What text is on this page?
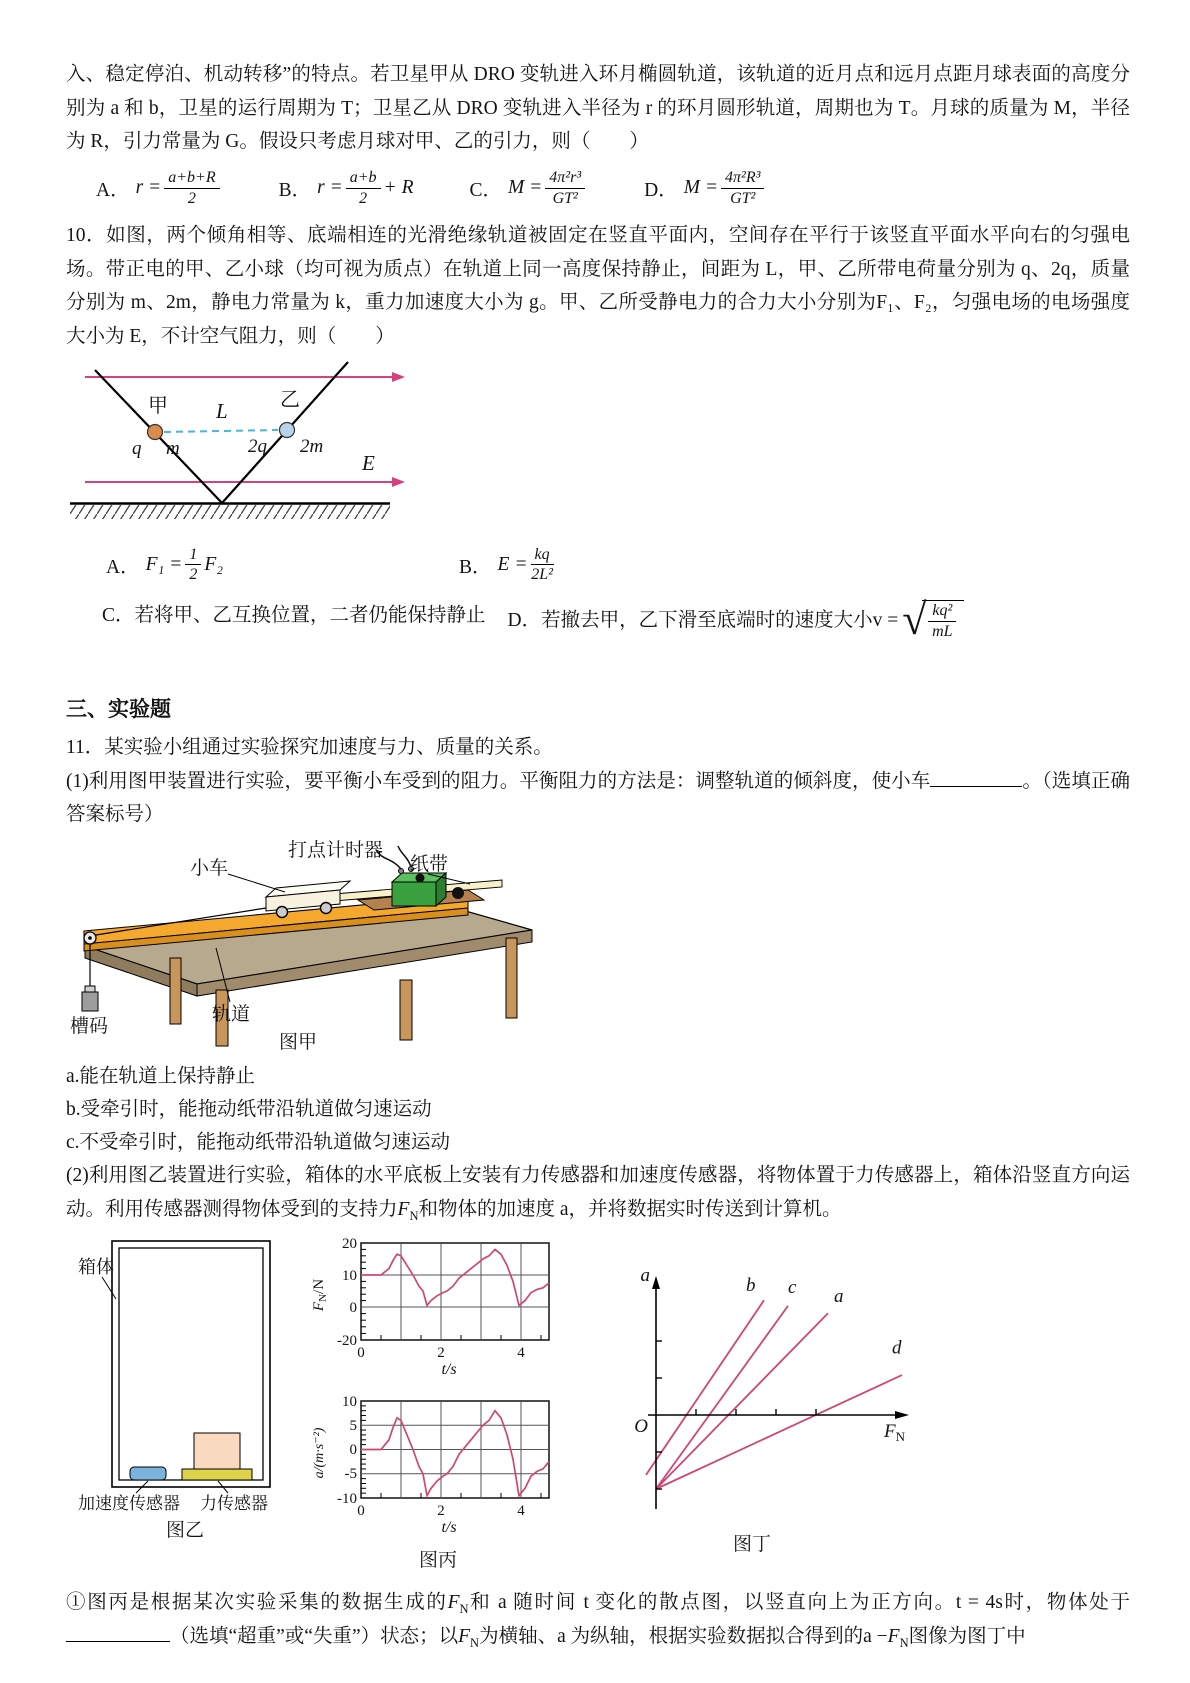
入、稳定停泊、机动转移”的特点。若卫星甲从 DRO 变轨进入环月椭圆轨道，该轨道的近月点和远月点距月球表面的高度分别为 a 和 b，卫星的运行周期为 T；卫星乙从 DRO 变轨进入半径为 r 的环月圆形轨道，周期也为 T。月球的质量为 M，半径为 R，引力常量为 G。假设只考虑月球对甲、乙的引力，则（　　）

A． $r = \frac{a+b+R}{2}$	B． $r = \frac{a+b}{2} + R$	C． $M = \frac{\text{4π²r³}}{\text{GT²}}$	D． $M = \frac{\text{4π²R³}}{\text{GT²}}$

10．如图，两个倾角相等、底端相连的光滑绝缘轨道被固定在竖直平面内，空间存在平行于该竖直平面水平向右的匀强电场。带正电的甲、乙小球（均可视为质点）在轨道上同一高度保持静止，间距为 L，甲、乙所带电荷量分别为 q、2q，质量分别为 m、2m，静电力常量为 k，重力加速度大小为 g。甲、乙所受静电力的合力大小分别为F₁、F₂，匀强电场的电场强度大小为 E，不计空气阻力，则（　　）

甲	乙
L
q m	2q 2m
E
A． $F_1 = \frac{1}{2} F_2$	B． $E = \frac{kq}{\text{2L²}}$
C．若将甲、乙互换位置，二者仍能保持静止 D．若撤去甲，乙下滑至底端时的速度大小v = √ $\frac{\text{kq²}}{mL}$

三、实验题

11．某实验小组通过实验探究加速度与力、质量的关系。

(1)利用图甲装置进行实验，要平衡小车受到的阻力。平衡阻力的方法是：调整轨道的倾斜度，使小车	。（选填正确答案标号）

打点计时器
小车	纸带
轨道
槽码
图甲

a.能在轨道上保持静止

b.受牵引时，能拖动纸带沿轨道做匀速运动

c.不受牵引时，能拖动纸带沿轨道做匀速运动

(2)利用图乙装置进行实验，箱体的水平底板上安装有力传感器和加速度传感器，将物体置于力传感器上，箱体沿竖直方向运动。利用传感器测得物体受到的支持力$F_N$和物体的加速度 a，并将数据实时传送到计算机。

箱体
加速度传感器 力传感器
图乙
20
10
0
-20
0	2	4
t/s
$F_N/N$
10
5
0
-5
-10
0	2	4
t/s
a/(m·s⁻²)
图丙
O
a
$F_N$
b c a
d
图丁

①图丙是根据某次实验采集的数据生成的$F_N$和 a 随时间 t 变化的散点图，以竖直向上为正方向。t = 4s时，物体处于（选填“超重”或“失重”）状态；以$F_N$为横轴、a 为纵轴，根据实验数据拟合得到的$a -F_N$图像为图丁中
